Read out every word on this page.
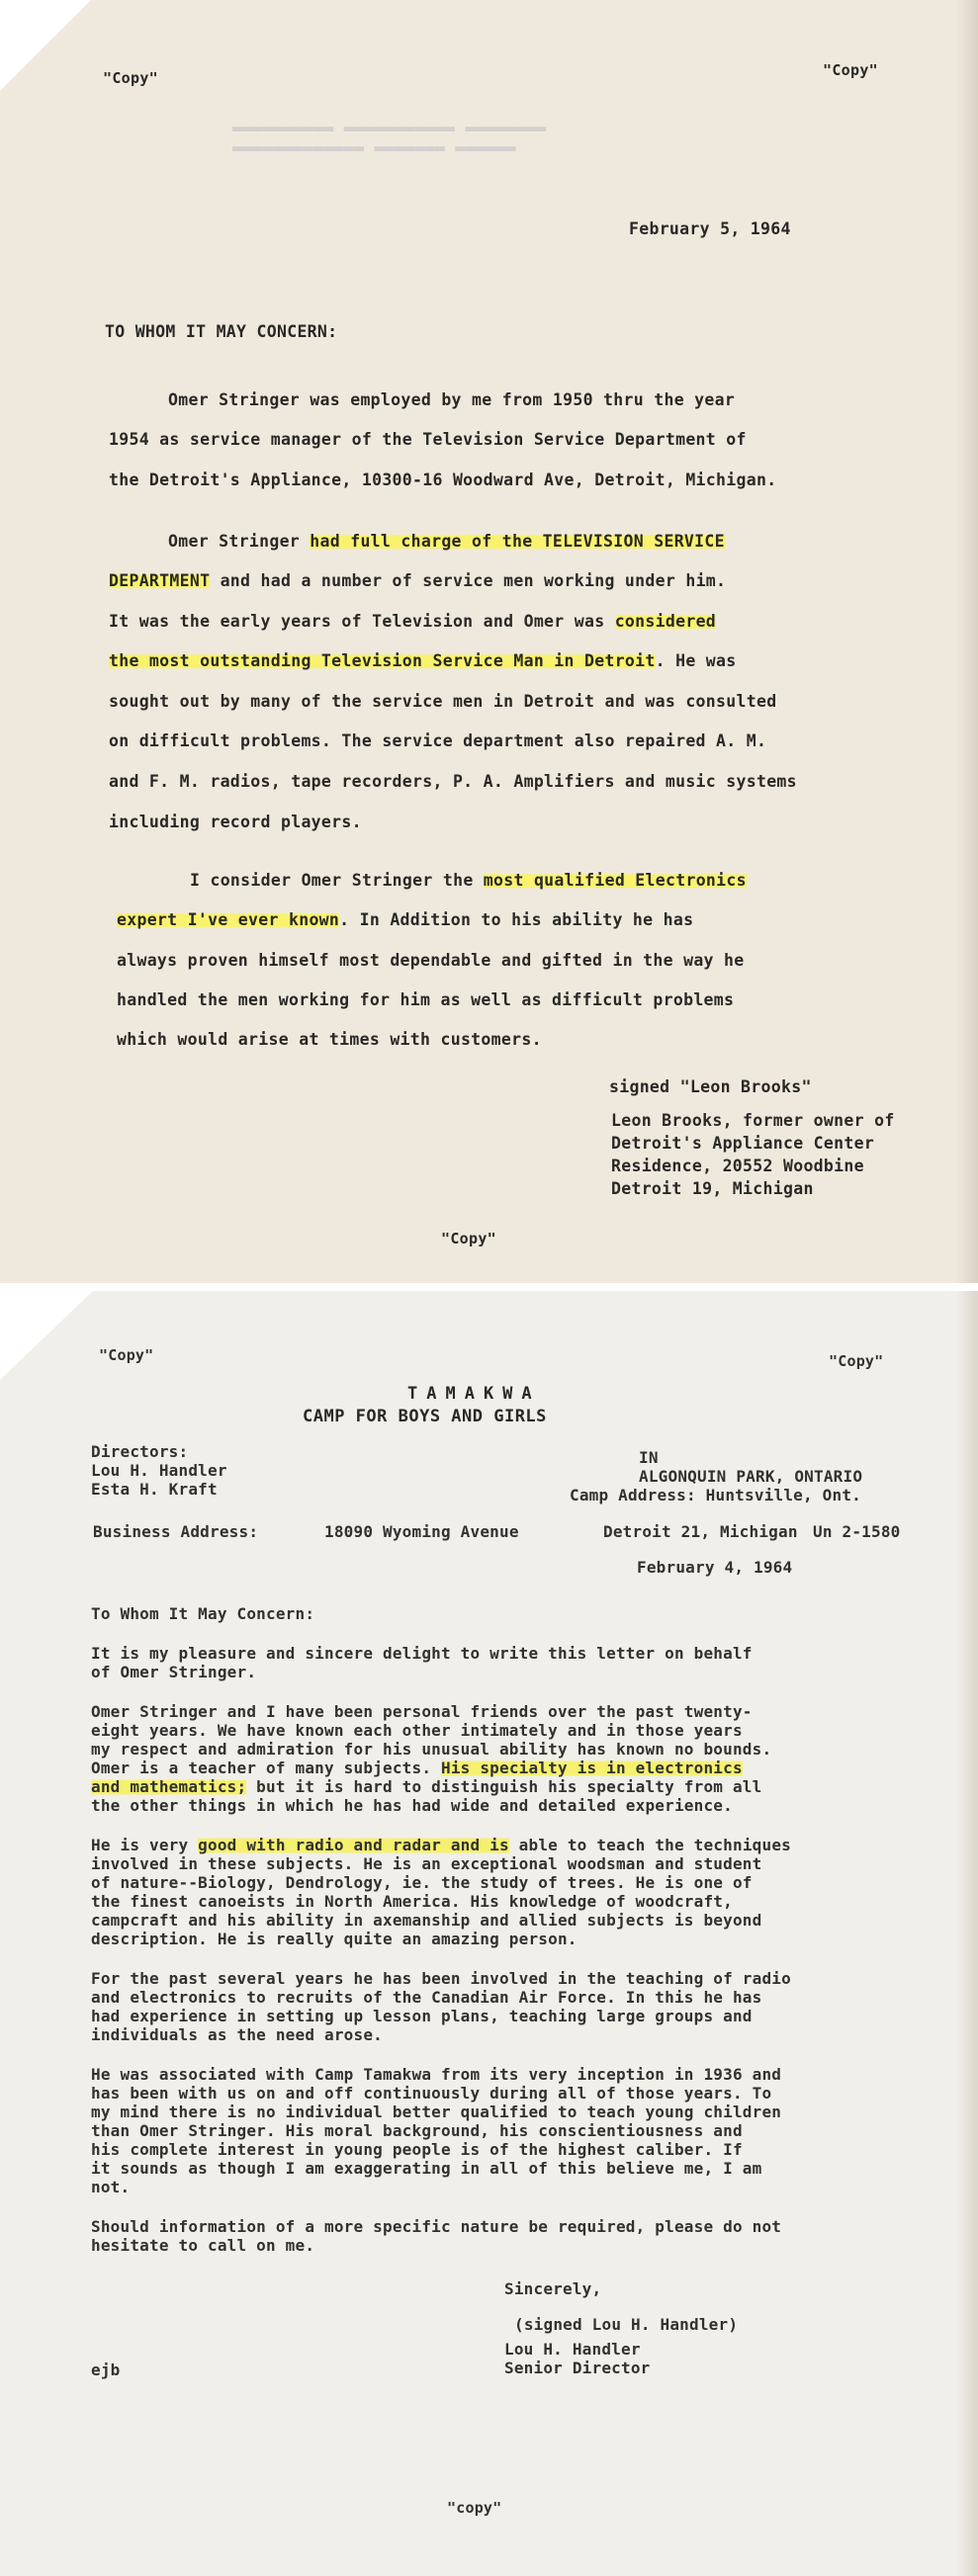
▬▬▬▬▬▬▬▬▬▬ ▬▬▬▬▬▬▬▬▬▬▬ ▬▬▬▬▬▬▬▬
▬▬▬▬▬▬▬▬▬▬▬▬▬ ▬▬▬▬▬▬▬ ▬▬▬▬▬▬
"Copy"	"Copy"
February 5, 1964
TO WHOM IT MAY CONCERN:
Omer Stringer was employed by me from 1950 thru the year
1954 as service manager of the Television Service Department of
the Detroit's Appliance, 10300-16 Woodward Ave, Detroit, Michigan.
Omer Stringer had full charge of the TELEVISION SERVICE
DEPARTMENT and had a number of service men working under him.
It was the early years of Television and Omer was considered
the most outstanding Television Service Man in Detroit. He was
sought out by many of the service men in Detroit and was consulted
on difficult problems. The service department also repaired A. M.
and F. M. radios, tape recorders, P. A. Amplifiers and music systems
including record players.
I consider Omer Stringer the most qualified Electronics
expert I've ever known. In Addition to his ability he has
always proven himself most dependable and gifted in the way he
handled the men working for him as well as difficult problems
which would arise at times with customers.
signed "Leon Brooks"
Leon Brooks, former owner of
Detroit's Appliance Center
Residence, 20552 Woodbine
Detroit 19, Michigan
"Copy"
"Copy"	"Copy"
TAMAKWA
CAMP FOR BOYS AND GIRLS
Directors:
Lou H. Handler
Esta H. Kraft
IN
ALGONQUIN PARK, ONTARIO
Camp Address: Huntsville, Ont.
Business Address:	18090 Wyoming Avenue	Detroit 21, Michigan Un 2-1580
February 4, 1964
To Whom It May Concern:
It is my pleasure and sincere delight to write this letter on behalf
of Omer Stringer.
Omer Stringer and I have been personal friends over the past twenty-
eight years. We have known each other intimately and in those years
my respect and admiration for his unusual ability has known no bounds.
Omer is a teacher of many subjects. His specialty is in electronics
and mathematics; but it is hard to distinguish his specialty from all
the other things in which he has had wide and detailed experience.
He is very good with radio and radar and is able to teach the techniques
involved in these subjects. He is an exceptional woodsman and student
of nature--Biology, Dendrology, ie. the study of trees. He is one of
the finest canoeists in North America. His knowledge of woodcraft,
campcraft and his ability in axemanship and allied subjects is beyond
description. He is really quite an amazing person.
For the past several years he has been involved in the teaching of radio
and electronics to recruits of the Canadian Air Force. In this he has
had experience in setting up lesson plans, teaching large groups and
individuals as the need arose.
He was associated with Camp Tamakwa from its very inception in 1936 and
has been with us on and off continuously during all of those years. To
my mind there is no individual better qualified to teach young children
than Omer Stringer. His moral background, his conscientiousness and
his complete interest in young people is of the highest caliber. If
it sounds as though I am exaggerating in all of this believe me, I am
not.
Should information of a more specific nature be required, please do not
hesitate to call on me.
Sincerely,
(signed Lou H. Handler)
Lou H. Handler
Senior Director
ejb
"copy"
